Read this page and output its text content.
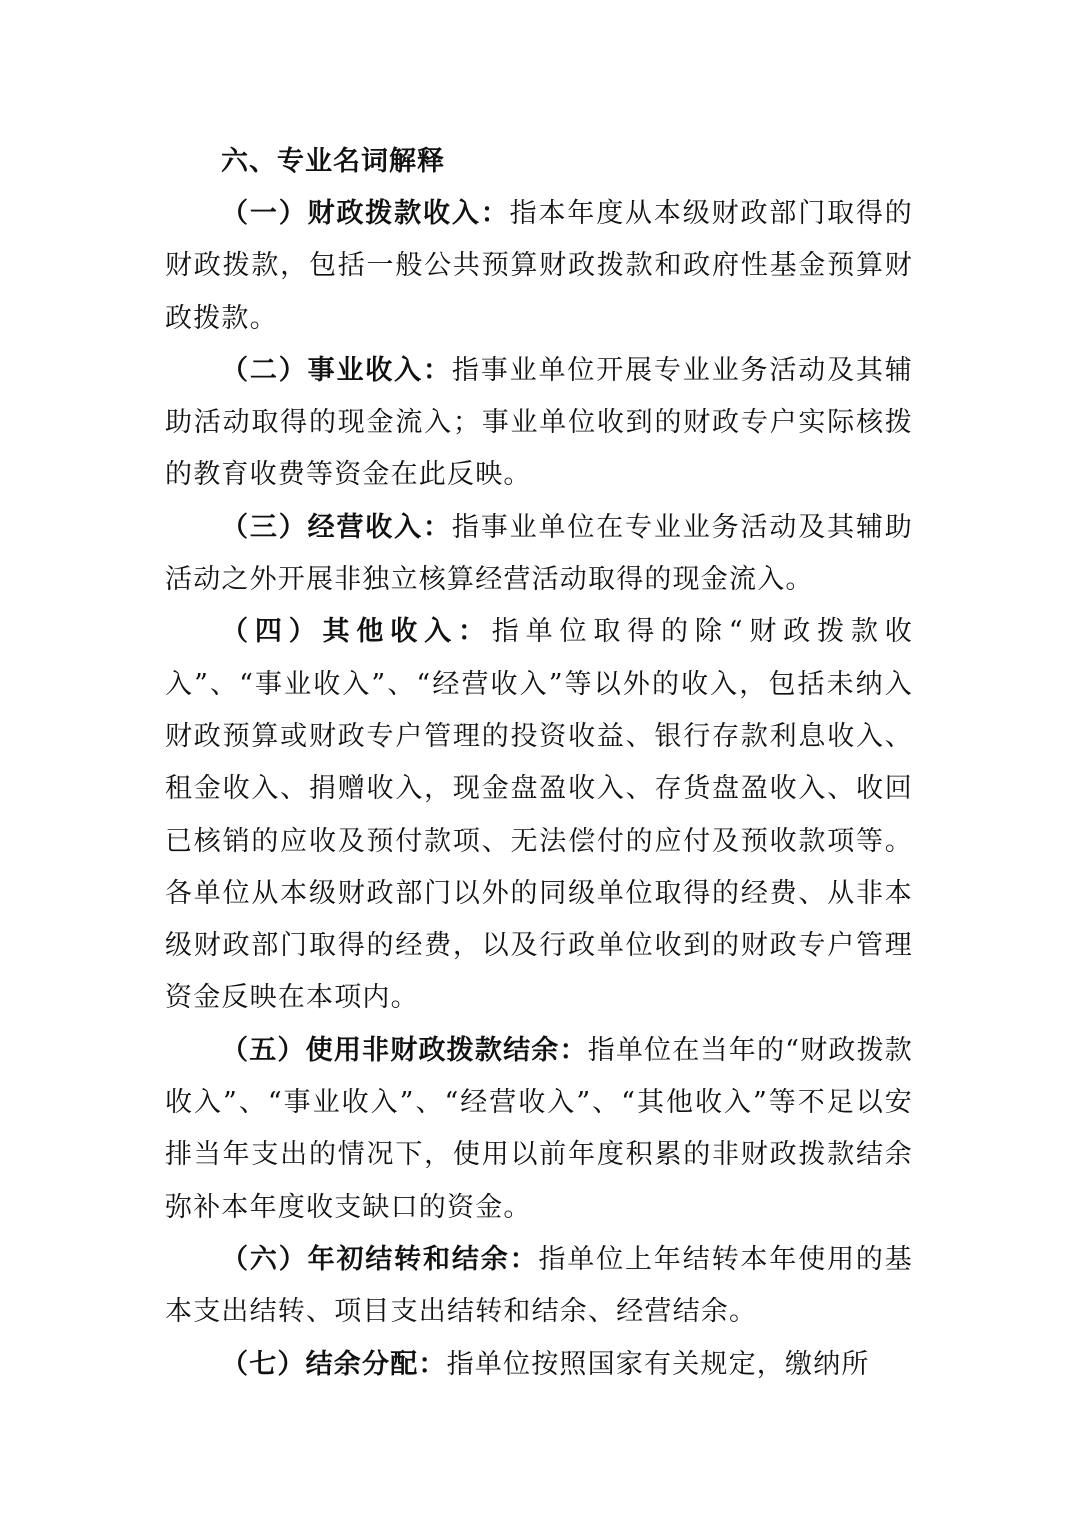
六、专业名词解释

（一）财政拨款收入：指本年度从本级财政部门取得的财政拨款，包括一般公共预算财政拨款和政府性基金预算财政拨款。

（二）事业收入：指事业单位开展专业业务活动及其辅助活动取得的现金流入；事业单位收到的财政专户实际核拨的教育收费等资金在此反映。

（三）经营收入：指事业单位在专业业务活动及其辅助活动之外开展非独立核算经营活动取得的现金流入。

（四）其他收入：指单位取得的除“财政拨款收入”、“事业收入”、“经营收入”等以外的收入，包括未纳入财政预算或财政专户管理的投资收益、银行存款利息收入、租金收入、捐赠收入，现金盘盈收入、存货盘盈收入、收回已核销的应收及预付款项、无法偿付的应付及预收款项等。各单位从本级财政部门以外的同级单位取得的经费、从非本级财政部门取得的经费，以及行政单位收到的财政专户管理资金反映在本项内。

（五）使用非财政拨款结余：指单位在当年的“财政拨款收入”、“事业收入”、“经营收入”、“其他收入”等不足以安排当年支出的情况下，使用以前年度积累的非财政拨款结余弥补本年度收支缺口的资金。

（六）年初结转和结余：指单位上年结转本年使用的基本支出结转、项目支出结转和结余、经营结余。

（七）结余分配：指单位按照国家有关规定，缴纳所
